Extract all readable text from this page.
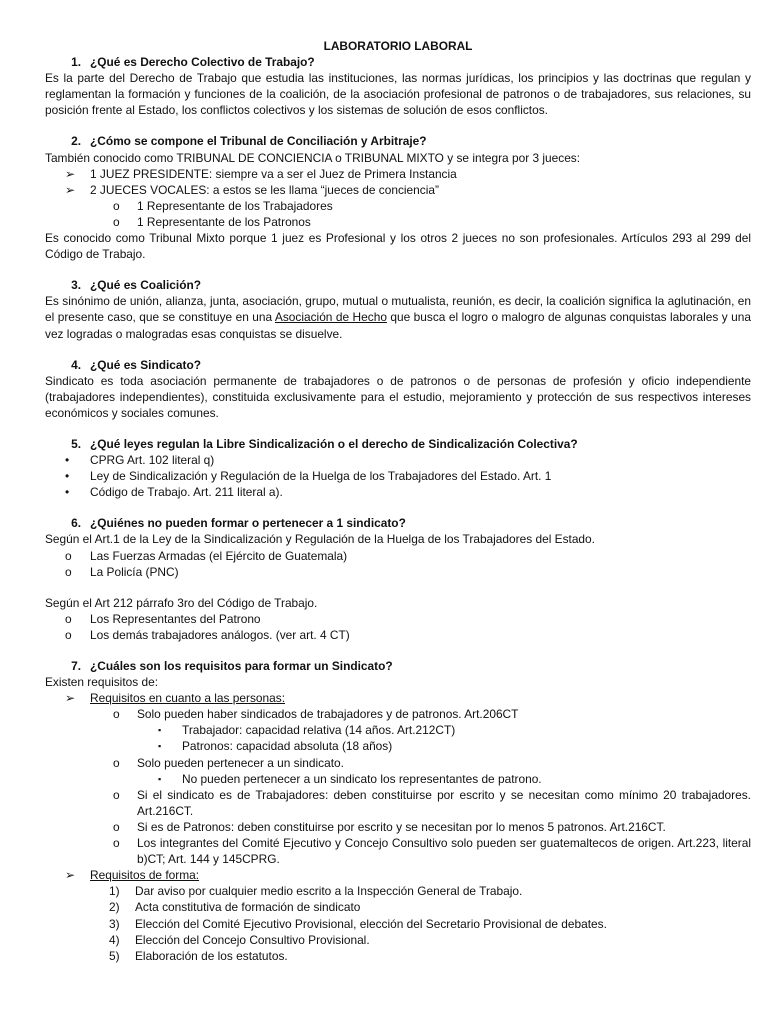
LABORATORIO LABORAL
1. ¿Qué es Derecho Colectivo de Trabajo?
Es la parte del Derecho de Trabajo que estudia las instituciones, las normas jurídicas, los principios y las doctrinas que regulan y reglamentan la formación y funciones de la coalición, de la asociación profesional de patronos o de trabajadores, sus relaciones, su posición frente al Estado, los conflictos colectivos y los sistemas de solución de esos conflictos.
2. ¿Cómo se compone el Tribunal de Conciliación y Arbitraje?
También conocido como TRIBUNAL DE CONCIENCIA o TRIBUNAL MIXTO y se integra por 3 jueces:
➢	1 JUEZ PRESIDENTE: siempre va a ser el Juez de Primera Instancia
➢	2 JUECES VOCALES: a estos se les llama “jueces de conciencia”
o	1 Representante de los Trabajadores
o	1 Representante de los Patronos
Es conocido como Tribunal Mixto porque 1 juez es Profesional y los otros 2 jueces no son profesionales. Artículos 293 al 299 del Código de Trabajo.
3. ¿Qué es Coalición?
Es sinónimo de unión, alianza, junta, asociación, grupo, mutual o mutualista, reunión, es decir, la coalición significa la aglutinación, en el presente caso, que se constituye en una Asociación de Hecho que busca el logro o malogro de algunas conquistas laborales y una vez logradas o malogradas esas conquistas se disuelve.
4. ¿Qué es Sindicato?
Sindicato es toda asociación permanente de trabajadores o de patronos o de personas de profesión y oficio independiente (trabajadores independientes), constituida exclusivamente para el estudio, mejoramiento y protección de sus respectivos intereses económicos y sociales comunes.
5. ¿Qué leyes regulan la Libre Sindicalización o el derecho de Sindicalización Colectiva?
•	CPRG Art. 102 literal q)
•	Ley de Sindicalización y Regulación de la Huelga de los Trabajadores del Estado. Art. 1
•	Código de Trabajo. Art. 211 literal a).
6. ¿Quiénes no pueden formar o pertenecer a 1 sindicato?
Según el Art.1 de la Ley de la Sindicalización y Regulación de la Huelga de los Trabajadores del Estado.
o	Las Fuerzas Armadas (el Ejército de Guatemala)
o	La Policía (PNC)
Según el Art 212 párrafo 3ro del Código de Trabajo.
o	Los Representantes del Patrono
o	Los demás trabajadores análogos. (ver art. 4 CT)
7. ¿Cuáles son los requisitos para formar un Sindicato?
Existen requisitos de:
➢	Requisitos en cuanto a las personas:
o	Solo pueden haber sindicados de trabajadores y de patronos. Art.206CT
▪	Trabajador: capacidad relativa (14 años. Art.212CT)
▪	Patronos: capacidad absoluta (18 años)
o	Solo pueden pertenecer a un sindicato.
▪	No pueden pertenecer a un sindicato los representantes de patrono.
o	Si el sindicato es de Trabajadores: deben constituirse por escrito y se necesitan como mínimo 20 trabajadores. Art.216CT.
o	Si es de Patronos: deben constituirse por escrito y se necesitan por lo menos 5 patronos. Art.216CT.
o	Los integrantes del Comité Ejecutivo y Concejo Consultivo solo pueden ser guatemaltecos de origen. Art.223, literal b)CT; Art. 144 y 145CPRG.
➢	Requisitos de forma:
1)	Dar aviso por cualquier medio escrito a la Inspección General de Trabajo.
2)	Acta constitutiva de formación de sindicato
3)	Elección del Comité Ejecutivo Provisional, elección del Secretario Provisional de debates.
4)	Elección del Concejo Consultivo Provisional.
5)	Elaboración de los estatutos.
